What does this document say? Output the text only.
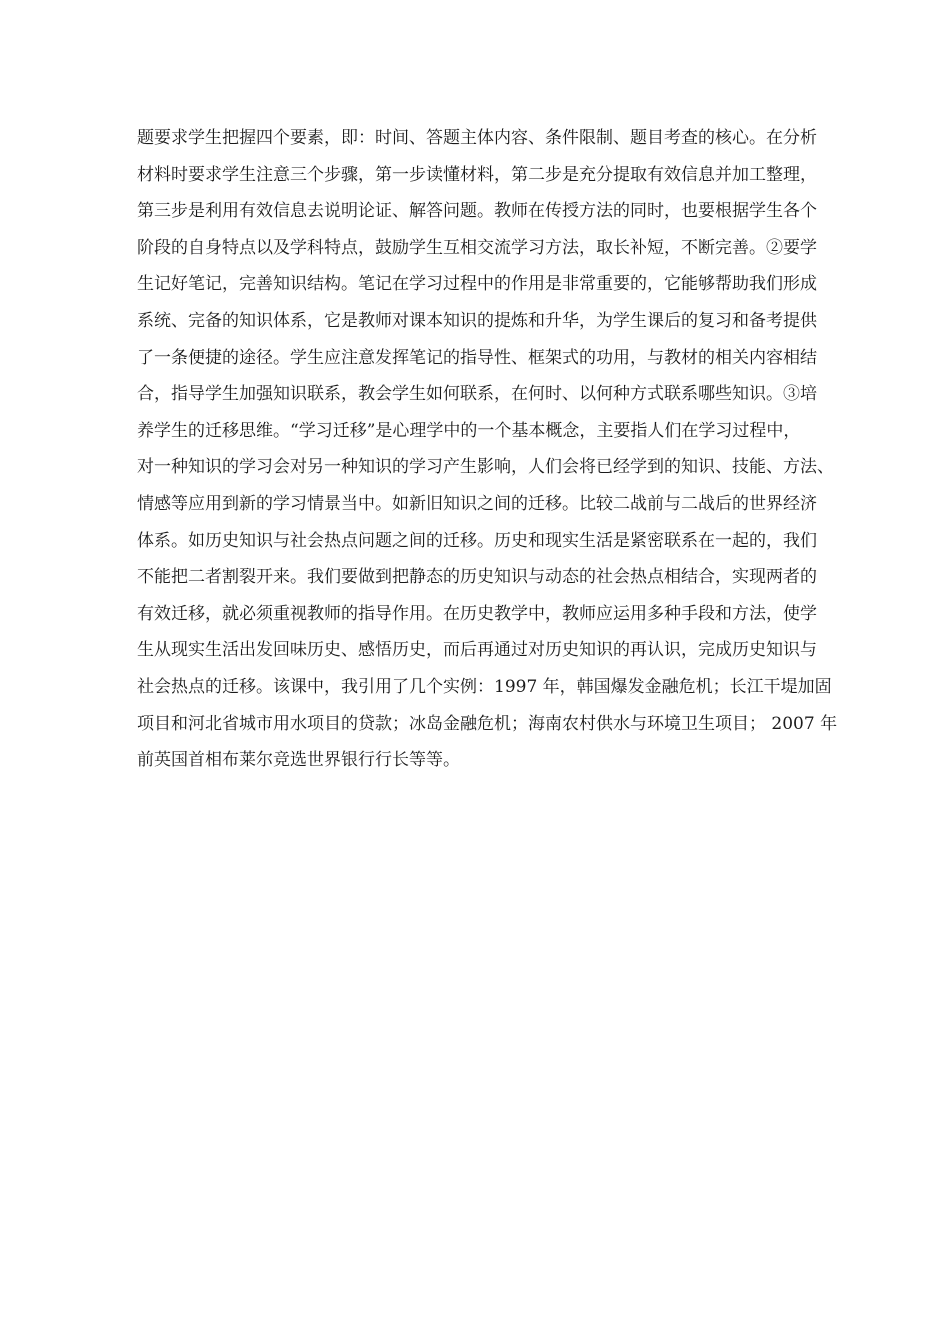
题要求学生把握四个要素，即：时间、答题主体内容、条件限制、题目考查的核心。在分析
材料时要求学生注意三个步骤，第一步读懂材料，第二步是充分提取有效信息并加工整理，
第三步是利用有效信息去说明论证、解答问题。教师在传授方法的同时，也要根据学生各个
阶段的自身特点以及学科特点，鼓励学生互相交流学习方法，取长补短，不断完善。②要学
生记好笔记，完善知识结构。笔记在学习过程中的作用是非常重要的，它能够帮助我们形成
系统、完备的知识体系，它是教师对课本知识的提炼和升华，为学生课后的复习和备考提供
了一条便捷的途径。学生应注意发挥笔记的指导性、框架式的功用，与教材的相关内容相结
合，指导学生加强知识联系，教会学生如何联系，在何时、以何种方式联系哪些知识。③培
养学生的迁移思维。“学习迁移”是心理学中的一个基本概念，主要指人们在学习过程中，
对一种知识的学习会对另一种知识的学习产生影响，人们会将已经学到的知识、技能、方法、
情感等应用到新的学习情景当中。如新旧知识之间的迁移。比较二战前与二战后的世界经济
体系。如历史知识与社会热点问题之间的迁移。历史和现实生活是紧密联系在一起的，我们
不能把二者割裂开来。我们要做到把静态的历史知识与动态的社会热点相结合，实现两者的
有效迁移，就必须重视教师的指导作用。在历史教学中，教师应运用多种手段和方法，使学
生从现实生活出发回味历史、感悟历史，而后再通过对历史知识的再认识，完成历史知识与
社会热点的迁移。该课中，我引用了几个实例：1997 年，韩国爆发金融危机；长江干堤加固
项目和河北省城市用水项目的贷款；冰岛金融危机；海南农村供水与环境卫生项目； 2007 年
前英国首相布莱尔竞选世界银行行长等等。
